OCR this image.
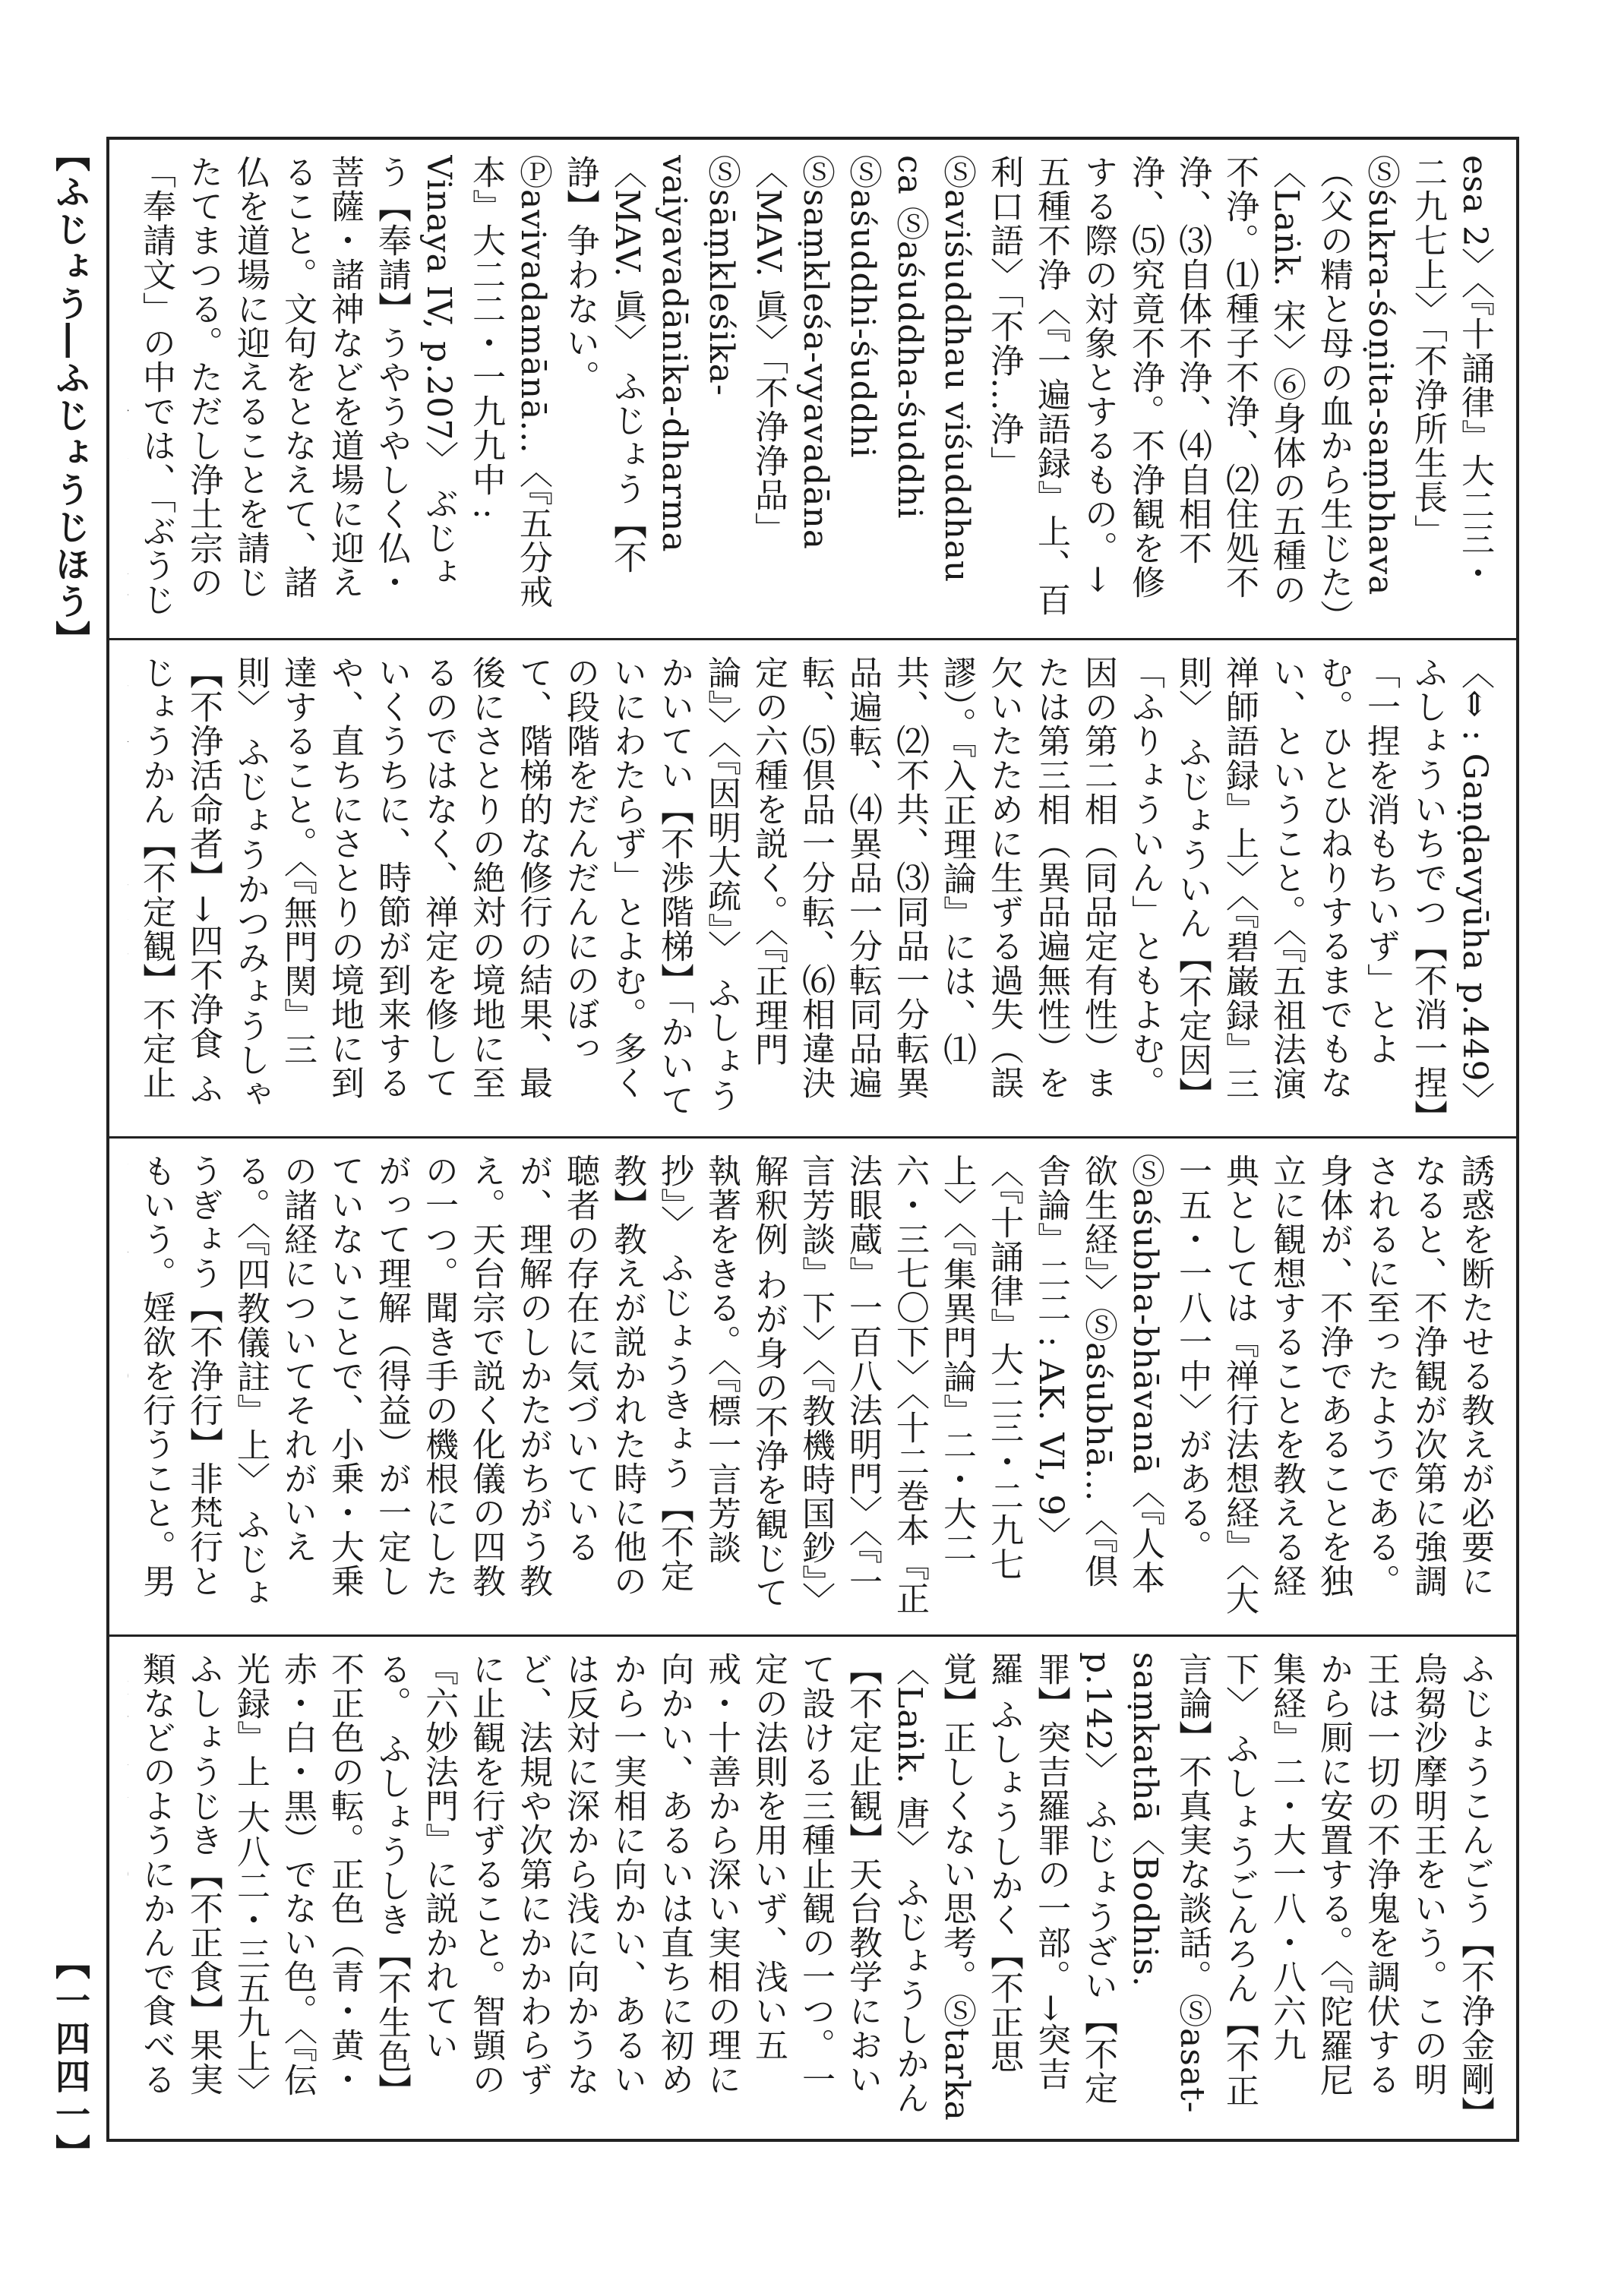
【ふじょう―ふじょうじほう】	esa 2〉〈『十誦律』大二三・二九七上〉「不浄所生長」Ⓢśukra-śoṇita-saṃbhava（父の精と母の血から生じた）〈Laṅk. 宋〉⑥身体の五種の不浄。⑴種子不浄、⑵住処不浄、⑶自体不浄、⑷自相不浄、⑸究竟不浄。不浄観を修する際の対象とするもの。→五種不浄〈『一遍語録』上、百利口語〉「不浄…浄」Ⓢaviśuddhau viśuddhau ca Ⓢaśuddha-śuddhi Ⓢaśuddhi-śuddhi Ⓢsaṃkleśa-vyavadāna〈MAV. 眞〉「不浄浄品」Ⓢsāṃkleśika-vaiyavadānika-dharma〈MAV. 眞〉 ふじょう【不諍】争わない。Ⓟavivadamānā…〈『五分戒本』大二二・一九九中 : Vinaya IV, p.207〉 ぶじょう【奉請】うやうやしく仏・菩薩・諸神などを道場に迎えること。文句をとなえて、諸仏を道場に迎えることを請じたてまつる。ただし浄土宗の「奉請文」の中では、「ぶうじ
〈⇔ : Gaṇḍavyūha p.449〉 ふしょういちでつ【不消一捏】「一捏を消もちいず」とよむ。ひとひねりするまでもない、ということ。〈『五祖法演禅師語録』上〉〈『碧巌録』三則〉 ふじょういん【不定因】「ふりょういん」ともよむ。因の第二相（同品定有性）または第三相（異品遍無性）を欠いたために生ずる過失（誤謬）。『入正理論』には、⑴共、⑵不共、⑶同品一分転異品遍転、⑷異品一分転同品遍転、⑸倶品一分転、⑹相違決定の六種を説く。〈『正理門論』〉〈『因明大疏』〉 ふしょうかいてい【不渉階梯】「かいていにわたらず」とよむ。多くの段階をだんだんにのぼって、階梯的な修行の結果、最後にさとりの絶対の境地に至るのではなく、禅定を修していくうちに、時節が到来するや、直ちにさとりの境地に到達すること。〈『無門関』三則〉 ふじょうかつみょうしゃ【不浄活命者】→四不浄食 ふじょうかん【不定観】不定止
誘惑を断たせる教えが必要になると、不浄観が次第に強調されるに至ったようである。身体が、不浄であることを独立に観想することを教える経典としては『禅行法想経』〈大一五・一八一中〉がある。Ⓢaśubha-bhāvanā〈『人本欲生経』〉Ⓢaśubhā…〈『倶舎論』二二 : AK. VI, 9〉〈『十誦律』大二三・二九七上〉〈『集異門論』二・大二六・三七〇下〉〈十二巻本『正法眼蔵』一百八法明門〉〈『一言芳談』下〉〈『教機時国鈔』〉解釈例 わが身の不浄を観じて執著をきる。〈『標一言芳談抄』〉 ふじょうきょう【不定教】教えが説かれた時に他の聴者の存在に気づいているが、理解のしかたがちがう教え。天台宗で説く化儀の四教の一つ。聞き手の機根にしたがって理解（得益）が一定していないことで、小乗・大乗の諸経についてそれがいえる。〈『四教儀註』上〉 ふじょうぎょう【不浄行】非梵行ともいう。婬欲を行うこと。男
ふじょうこんごう【不浄金剛】烏芻沙摩明王をいう。この明王は一切の不浄鬼を調伏するから厠に安置する。〈『陀羅尼集経』二・大一八・八六九下〉 ふしょうごんろん【不正言論】不真実な談話。Ⓢasat-saṃkathā〈Bodhis. p.142〉 ふじょうざい【不定罪】突吉羅罪の一部。→突吉羅 ふしょうしかく【不正思覚】正しくない思考。Ⓢtarka〈Laṅk. 唐〉 ふじょうしかん【不定止観】天台教学において設ける三種止観の一つ。一定の法則を用いず、浅い五戒・十善から深い実相の理に向かい、あるいは直ちに初めから一実相に向かい、あるいは反対に深から浅に向かうなど、法規や次第にかかわらずに止観を行ずること。智顗の『六妙法門』に説かれている。 ふしょうしき【不生色】不正色の転。正色（青・黄・赤・白・黒）でない色。〈『伝光録』上 大八二・三五九上〉 ふしょうじき【不正食】果実類などのようにかんで食べる
【一四四一】
